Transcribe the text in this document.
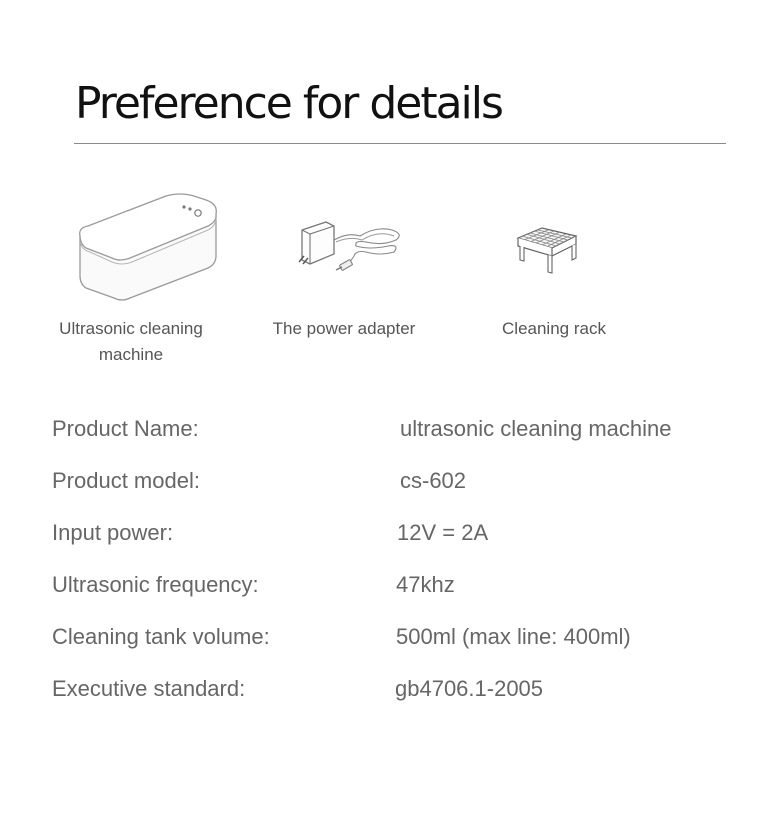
Preference for details
Ultrasonic cleaning
machine
The power adapter	Cleaning rack
Product Name:	ultrasonic cleaning machine
Product model:	cs-602
Input power:	12V = 2A
Ultrasonic frequency:	47khz
Cleaning tank volume:	500ml (max line: 400ml)
Executive standard:	gb4706.1-2005
